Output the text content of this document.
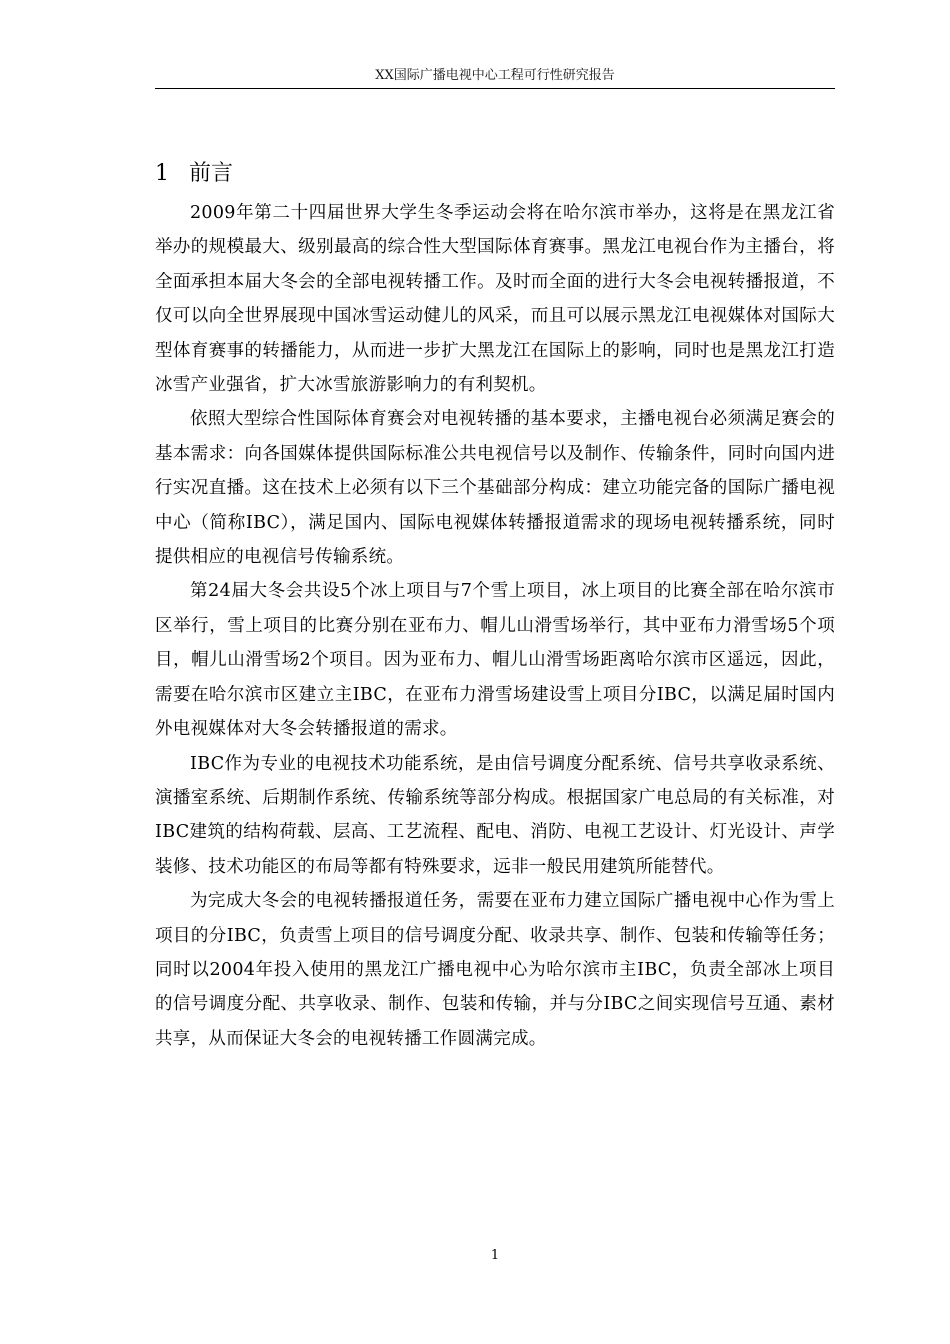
XX国际广播电视中心工程可行性研究报告
1 前言

2009年第二十四届世界大学生冬季运动会将在哈尔滨市举办，这将是在黑龙江省举办的规模最大、级别最高的综合性大型国际体育赛事。黑龙江电视台作为主播台，将全面承担本届大冬会的全部电视转播工作。及时而全面的进行大冬会电视转播报道，不仅可以向全世界展现中国冰雪运动健儿的风采，而且可以展示黑龙江电视媒体对国际大型体育赛事的转播能力，从而进一步扩大黑龙江在国际上的影响，同时也是黑龙江打造冰雪产业强省，扩大冰雪旅游影响力的有利契机。

依照大型综合性国际体育赛会对电视转播的基本要求，主播电视台必须满足赛会的基本需求：向各国媒体提供国际标准公共电视信号以及制作、传输条件，同时向国内进行实况直播。这在技术上必须有以下三个基础部分构成：建立功能完备的国际广播电视中心（简称IBC），满足国内、国际电视媒体转播报道需求的现场电视转播系统，同时提供相应的电视信号传输系统。

第24届大冬会共设5个冰上项目与7个雪上项目，冰上项目的比赛全部在哈尔滨市区举行，雪上项目的比赛分别在亚布力、帽儿山滑雪场举行，其中亚布力滑雪场5个项目，帽儿山滑雪场2个项目。因为亚布力、帽儿山滑雪场距离哈尔滨市区遥远，因此，需要在哈尔滨市区建立主IBC，在亚布力滑雪场建设雪上项目分IBC，以满足届时国内外电视媒体对大冬会转播报道的需求。

IBC作为专业的电视技术功能系统，是由信号调度分配系统、信号共享收录系统、演播室系统、后期制作系统、传输系统等部分构成。根据国家广电总局的有关标准，对IBC建筑的结构荷载、层高、工艺流程、配电、消防、电视工艺设计、灯光设计、声学装修、技术功能区的布局等都有特殊要求，远非一般民用建筑所能替代。

为完成大冬会的电视转播报道任务，需要在亚布力建立国际广播电视中心作为雪上项目的分IBC，负责雪上项目的信号调度分配、收录共享、制作、包装和传输等任务；同时以2004年投入使用的黑龙江广播电视中心为哈尔滨市主IBC，负责全部冰上项目的信号调度分配、共享收录、制作、包装和传输，并与分IBC之间实现信号互通、素材共享，从而保证大冬会的电视转播工作圆满完成。

1
